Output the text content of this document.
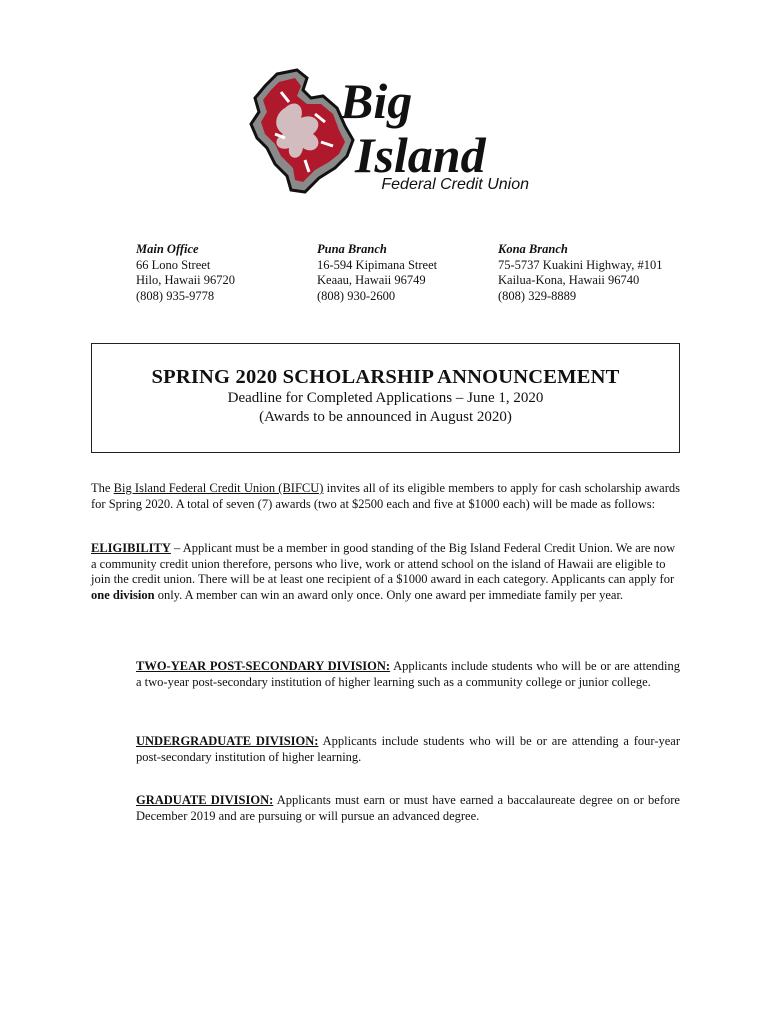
Big
Island
Federal Credit Union
Main Office
66 Lono Street
Hilo, Hawaii 96720
(808) 935-9778
Puna Branch
16-594 Kipimana Street
Keaau, Hawaii 96749
(808) 930-2600
Kona Branch
75-5737 Kuakini Highway, #101
Kailua-Kona, Hawaii 96740
(808) 329-8889
SPRING 2020 SCHOLARSHIP ANNOUNCEMENT
Deadline for Completed Applications – June 1, 2020
(Awards to be announced in August 2020)
The Big Island Federal Credit Union (BIFCU) invites all of its eligible members to apply for cash scholarship awards for Spring 2020. A total of seven (7) awards (two at $2500 each and five at $1000 each) will be made as follows:
ELIGIBILITY – Applicant must be a member in good standing of the Big Island Federal Credit Union. We are now a community credit union therefore, persons who live, work or attend school on the island of Hawaii are eligible to join the credit union. There will be at least one recipient of a $1000 award in each category. Applicants can apply for one division only. A member can win an award only once. Only one award per immediate family per year.
TWO-YEAR POST-SECONDARY DIVISION: Applicants include students who will be or are attending a two-year post-secondary institution of higher learning such as a community college or junior college.
UNDERGRADUATE DIVISION: Applicants include students who will be or are attending a four-year post-secondary institution of higher learning.
GRADUATE DIVISION: Applicants must earn or must have earned a baccalaureate degree on or before December 2019 and are pursuing or will pursue an advanced degree.
